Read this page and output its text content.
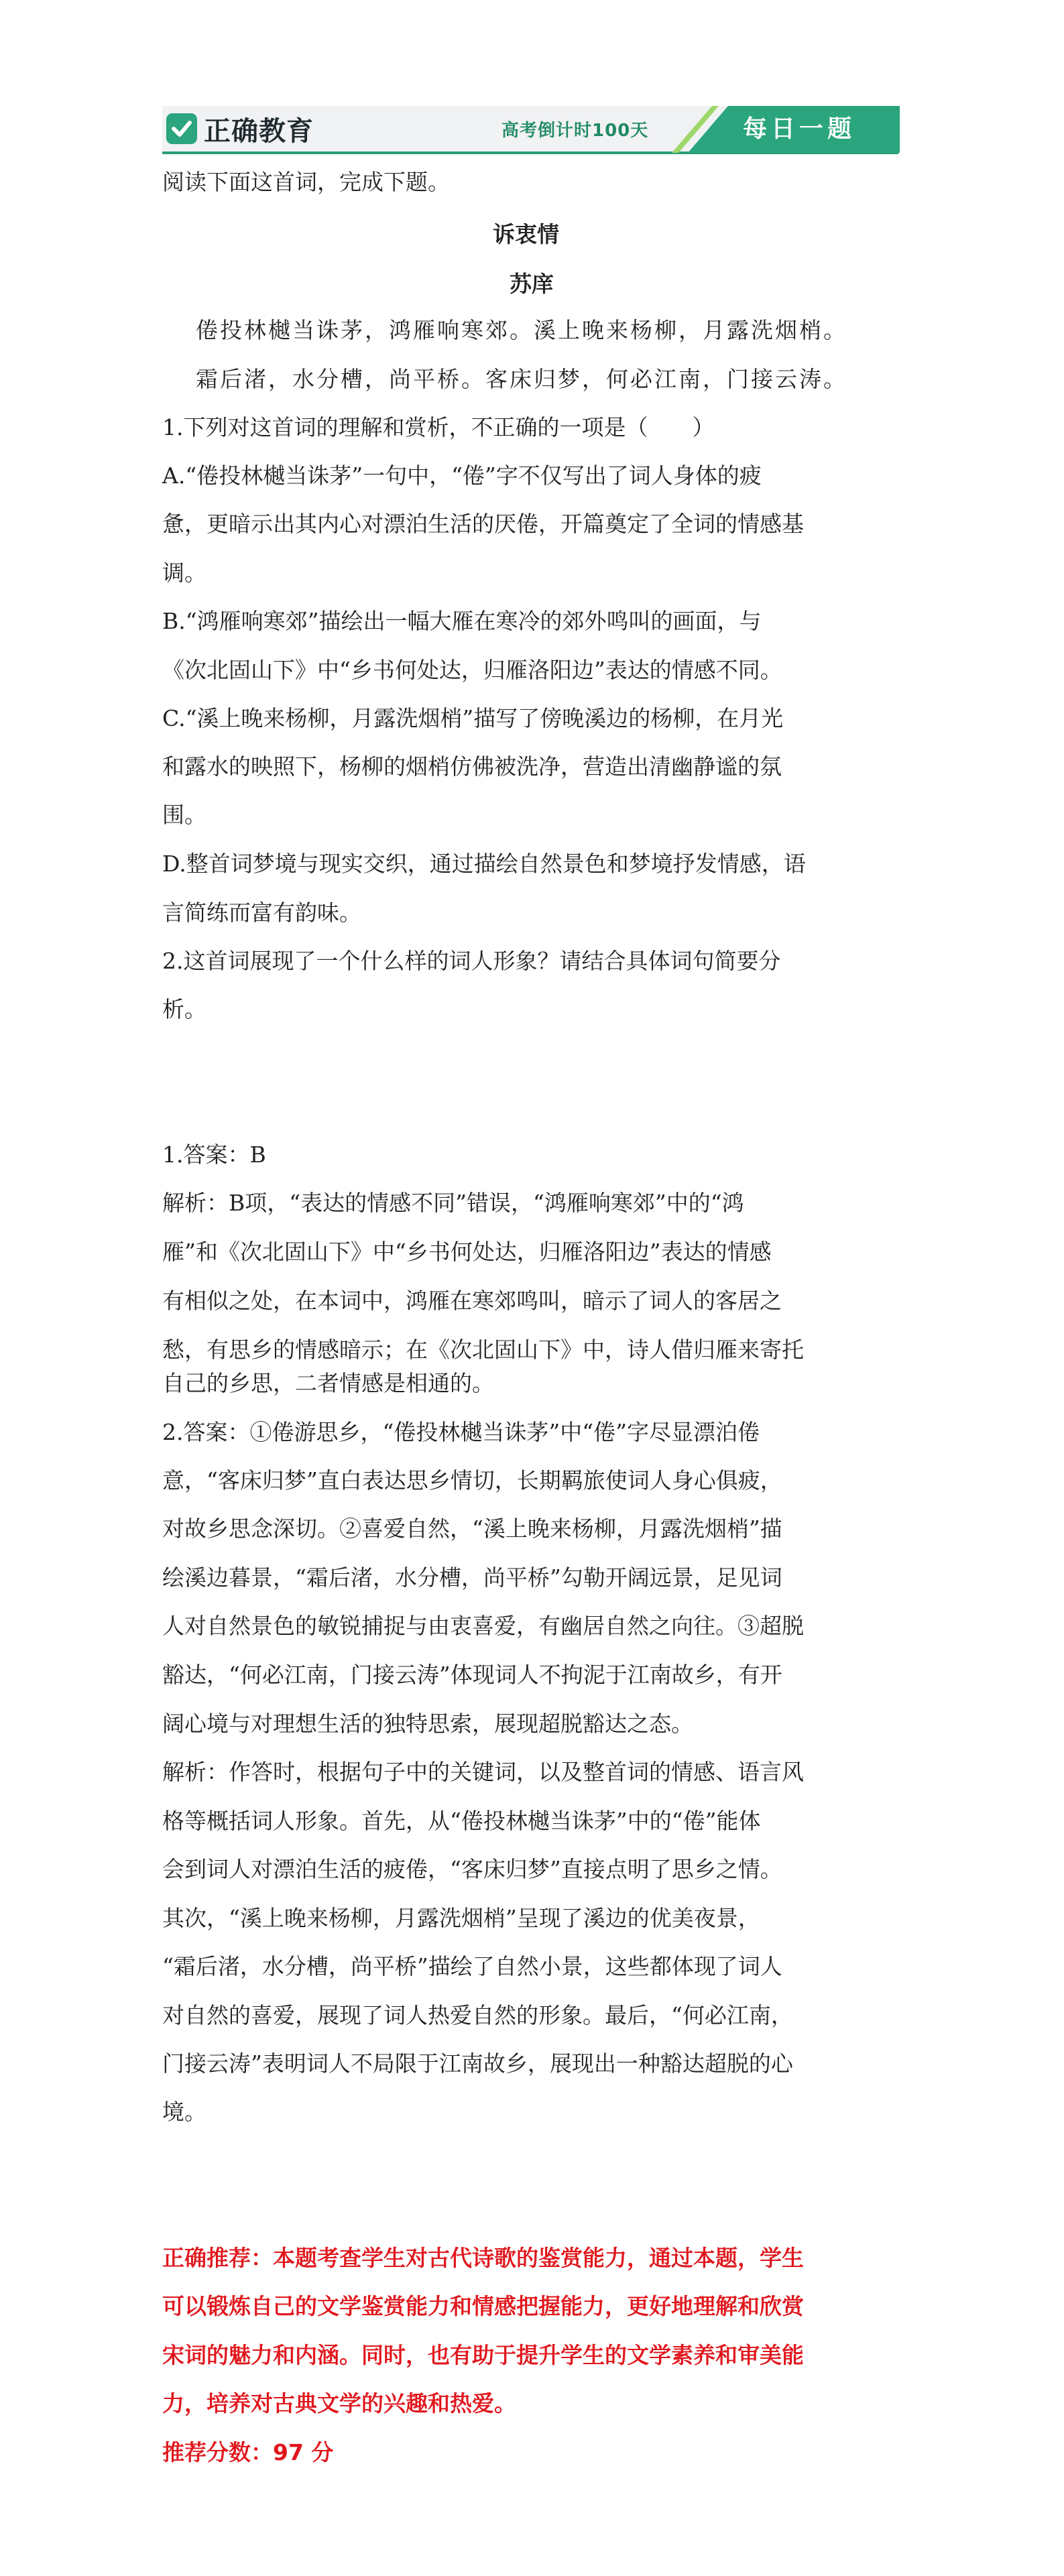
正确教育	高考倒计时100天	每日一题
阅读下面这首词，完成下题。
诉衷情
苏庠
倦投林樾当诛茅，鸿雁响寒郊。溪上晚来杨柳，月露洗烟梢。
霜后渚，水分槽，尚平桥。客床归梦，何必江南，门接云涛。
1.下列对这首词的理解和赏析，不正确的一项是（　　）
A.“倦投林樾当诛茅”一句中，“倦”字不仅写出了词人身体的疲
惫，更暗示出其内心对漂泊生活的厌倦，开篇奠定了全词的情感基
调。
B.“鸿雁响寒郊”描绘出一幅大雁在寒冷的郊外鸣叫的画面，与
《次北固山下》中“乡书何处达，归雁洛阳边”表达的情感不同。
C.“溪上晚来杨柳，月露洗烟梢”描写了傍晚溪边的杨柳，在月光
和露水的映照下，杨柳的烟梢仿佛被洗净，营造出清幽静谧的氛
围。
D.整首词梦境与现实交织，通过描绘自然景色和梦境抒发情感，语
言简练而富有韵味。
2.这首词展现了一个什么样的词人形象？请结合具体词句简要分
析。
1.答案：B
解析：B项，“表达的情感不同”错误，“鸿雁响寒郊”中的“鸿
雁”和《次北固山下》中“乡书何处达，归雁洛阳边”表达的情感
有相似之处，在本词中，鸿雁在寒郊鸣叫，暗示了词人的客居之
愁，有思乡的情感暗示；在《次北固山下》中，诗人借归雁来寄托
自己的乡思，二者情感是相通的。
2.答案：①倦游思乡，“倦投林樾当诛茅”中“倦”字尽显漂泊倦
意，“客床归梦”直白表达思乡情切，长期羁旅使词人身心俱疲，
对故乡思念深切。②喜爱自然，“溪上晚来杨柳，月露洗烟梢”描
绘溪边暮景，“霜后渚，水分槽，尚平桥”勾勒开阔远景，足见词
人对自然景色的敏锐捕捉与由衷喜爱，有幽居自然之向往。③超脱
豁达，“何必江南，门接云涛”体现词人不拘泥于江南故乡，有开
阔心境与对理想生活的独特思索，展现超脱豁达之态。
解析：作答时，根据句子中的关键词，以及整首词的情感、语言风
格等概括词人形象。首先，从“倦投林樾当诛茅”中的“倦”能体
会到词人对漂泊生活的疲倦，“客床归梦”直接点明了思乡之情。
其次，“溪上晚来杨柳，月露洗烟梢”呈现了溪边的优美夜景，
“霜后渚，水分槽，尚平桥”描绘了自然小景，这些都体现了词人
对自然的喜爱，展现了词人热爱自然的形象。最后，“何必江南，
门接云涛”表明词人不局限于江南故乡，展现出一种豁达超脱的心
境。
正确推荐：本题考查学生对古代诗歌的鉴赏能力，通过本题，学生
可以锻炼自己的文学鉴赏能力和情感把握能力，更好地理解和欣赏
宋词的魅力和内涵。同时，也有助于提升学生的文学素养和审美能
力，培养对古典文学的兴趣和热爱。
推荐分数：97 分
